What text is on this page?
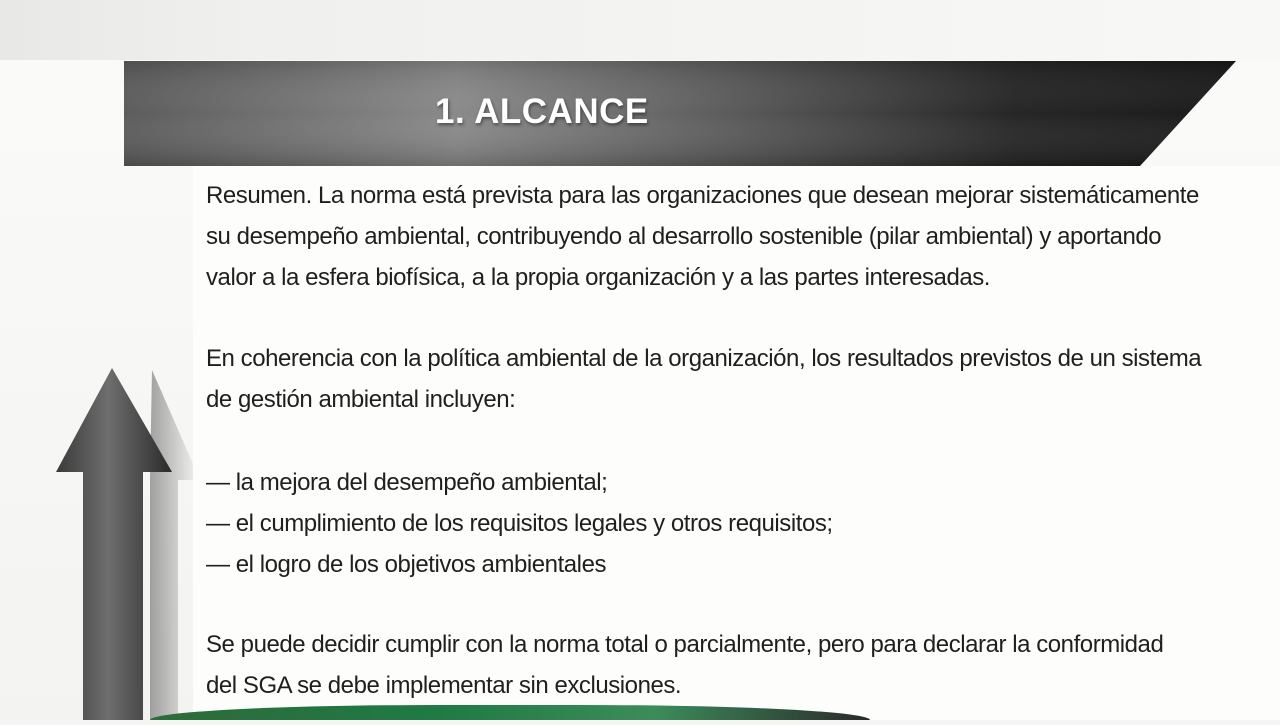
1. ALCANCE

Resumen. La norma está prevista para las organizaciones que desean mejorar sistemáticamente
su desempeño ambiental, contribuyendo al desarrollo sostenible (pilar ambiental) y aportando
valor a la esfera biofísica, a la propia organización y a las partes interesadas.

En coherencia con la política ambiental de la organización, los resultados previstos de un sistema
de gestión ambiental incluyen:

— la mejora del desempeño ambiental;
— el cumplimiento de los requisitos legales y otros requisitos;
— el logro de los objetivos ambientales

Se puede decidir cumplir con la norma total o parcialmente, pero para declarar la conformidad
del SGA se debe implementar sin exclusiones.
